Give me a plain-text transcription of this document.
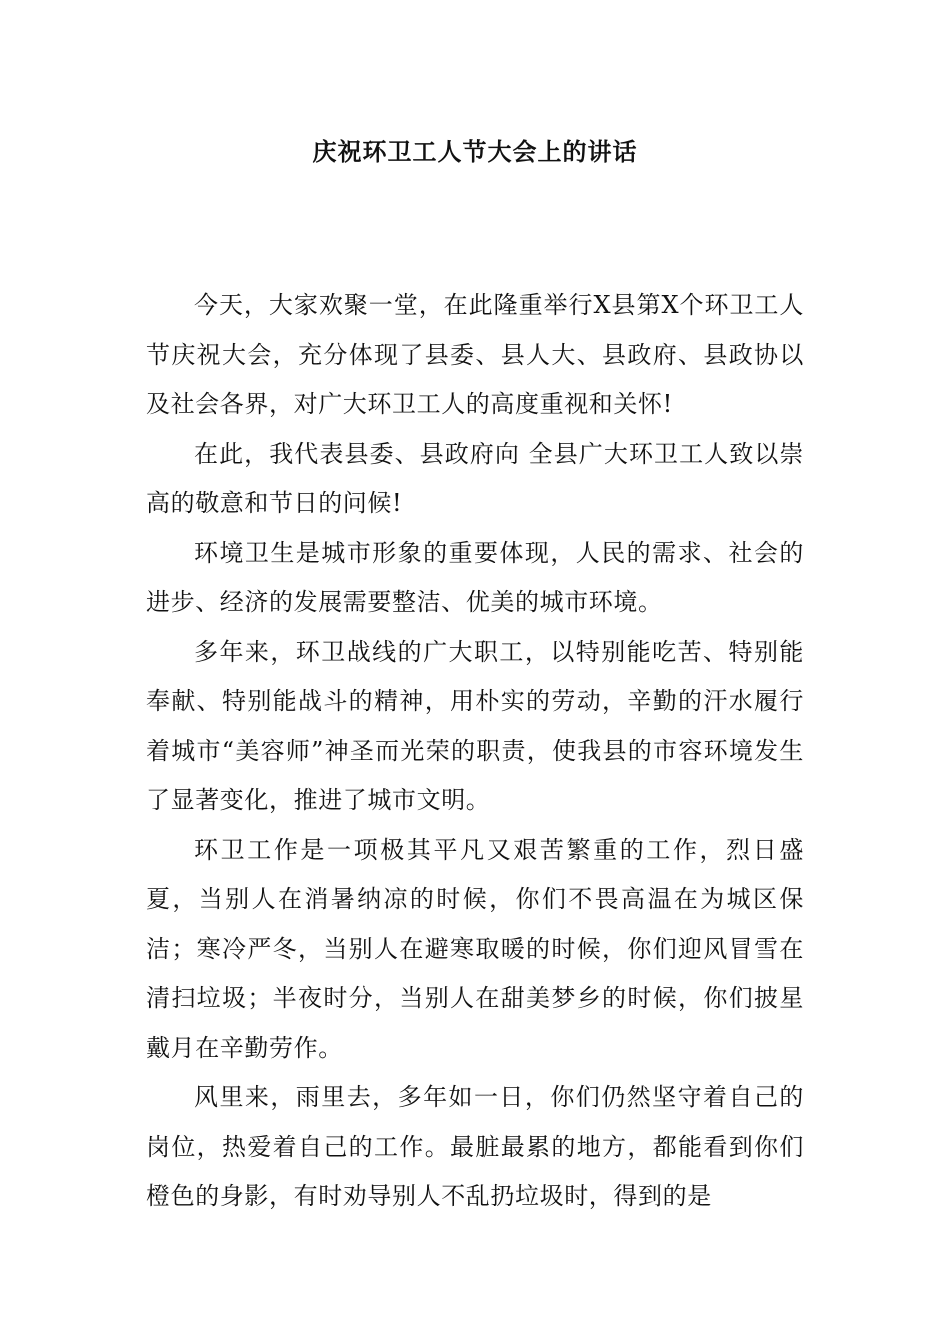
庆祝环卫工人节大会上的讲话

今天，大家欢聚一堂，在此隆重举行X县第X个环卫工人节庆祝大会，充分体现了县委、县人大、县政府、县政协以及社会各界，对广大环卫工人的高度重视和关怀!

在此，我代表县委、县政府向 全县广大环卫工人致以崇高的敬意和节日的问候!

环境卫生是城市形象的重要体现，人民的需求、社会的进步、经济的发展需要整洁、优美的城市环境。

多年来，环卫战线的广大职工，以特别能吃苦、特别能奉献、特别能战斗的精神，用朴实的劳动，辛勤的汗水履行着城市“美容师”神圣而光荣的职责，使我县的市容环境发生了显著变化，推进了城市文明。

环卫工作是一项极其平凡又艰苦繁重的工作，烈日盛夏，当别人在消暑纳凉的时候，你们不畏高温在为城区保洁；寒冷严冬，当别人在避寒取暖的时候，你们迎风冒雪在清扫垃圾；半夜时分，当别人在甜美梦乡的时候，你们披星戴月在辛勤劳作。

风里来，雨里去，多年如一日，你们仍然坚守着自己的岗位，热爱着自己的工作。最脏最累的地方，都能看到你们橙色的身影，有时劝导别人不乱扔垃圾时，得到的是
